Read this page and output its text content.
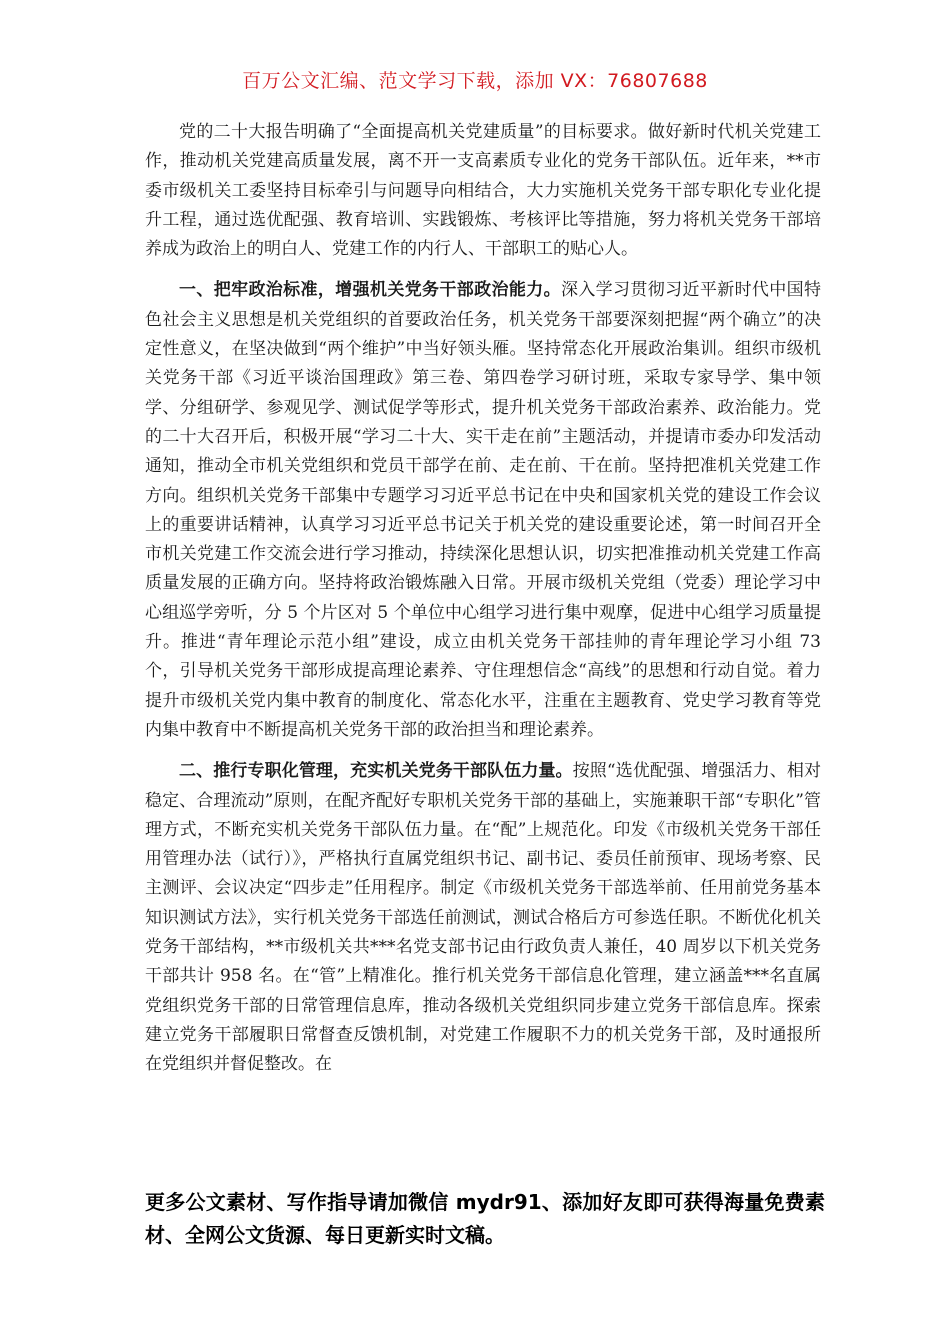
百万公文汇编、范文学习下载，添加 VX：76807688

党的二十大报告明确了“全面提高机关党建质量”的目标要求。做好新时代机关党建工作，推动机关党建高质量发展，离不开一支高素质专业化的党务干部队伍。近年来，**市委市级机关工委坚持目标牵引与问题导向相结合，大力实施机关党务干部专职化专业化提升工程，通过选优配强、教育培训、实践锻炼、考核评比等措施，努力将机关党务干部培养成为政治上的明白人、党建工作的内行人、干部职工的贴心人。

一、把牢政治标准，增强机关党务干部政治能力。深入学习贯彻习近平新时代中国特色社会主义思想是机关党组织的首要政治任务，机关党务干部要深刻把握“两个确立”的决定性意义，在坚决做到“两个维护”中当好领头雁。坚持常态化开展政治集训。组织市级机关党务干部《习近平谈治国理政》第三卷、第四卷学习研讨班，采取专家导学、集中领学、分组研学、参观见学、测试促学等形式，提升机关党务干部政治素养、政治能力。党的二十大召开后，积极开展“学习二十大、实干走在前”主题活动，并提请市委办印发活动通知，推动全市机关党组织和党员干部学在前、走在前、干在前。坚持把准机关党建工作方向。组织机关党务干部集中专题学习习近平总书记在中央和国家机关党的建设工作会议上的重要讲话精神，认真学习习近平总书记关于机关党的建设重要论述，第一时间召开全市机关党建工作交流会进行学习推动，持续深化思想认识，切实把准推动机关党建工作高质量发展的正确方向。坚持将政治锻炼融入日常。开展市级机关党组（党委）理论学习中心组巡学旁听，分 5 个片区对 5 个单位中心组学习进行集中观摩，促进中心组学习质量提升。推进“青年理论示范小组”建设，成立由机关党务干部挂帅的青年理论学习小组 73 个，引导机关党务干部形成提高理论素养、守住理想信念“高线”的思想和行动自觉。着力提升市级机关党内集中教育的制度化、常态化水平，注重在主题教育、党史学习教育等党内集中教育中不断提高机关党务干部的政治担当和理论素养。

二、推行专职化管理，充实机关党务干部队伍力量。按照“选优配强、增强活力、相对稳定、合理流动”原则，在配齐配好专职机关党务干部的基础上，实施兼职干部“专职化”管理方式，不断充实机关党务干部队伍力量。在“配”上规范化。印发《市级机关党务干部任用管理办法（试行）》，严格执行直属党组织书记、副书记、委员任前预审、现场考察、民主测评、会议决定“四步走”任用程序。制定《市级机关党务干部选举前、任用前党务基本知识测试方法》，实行机关党务干部选任前测试，测试合格后方可参选任职。不断优化机关党务干部结构，**市级机关共***名党支部书记由行政负责人兼任，40 周岁以下机关党务干部共计 958 名。在“管”上精准化。推行机关党务干部信息化管理，建立涵盖***名直属党组织党务干部的日常管理信息库，推动各级机关党组织同步建立党务干部信息库。探索建立党务干部履职日常督查反馈机制，对党建工作履职不力的机关党务干部，及时通报所在党组织并督促整改。在

更多公文素材、写作指导请加微信 mydr91、添加好友即可获得海量免费素材、全网公文货源、每日更新实时文稿。
